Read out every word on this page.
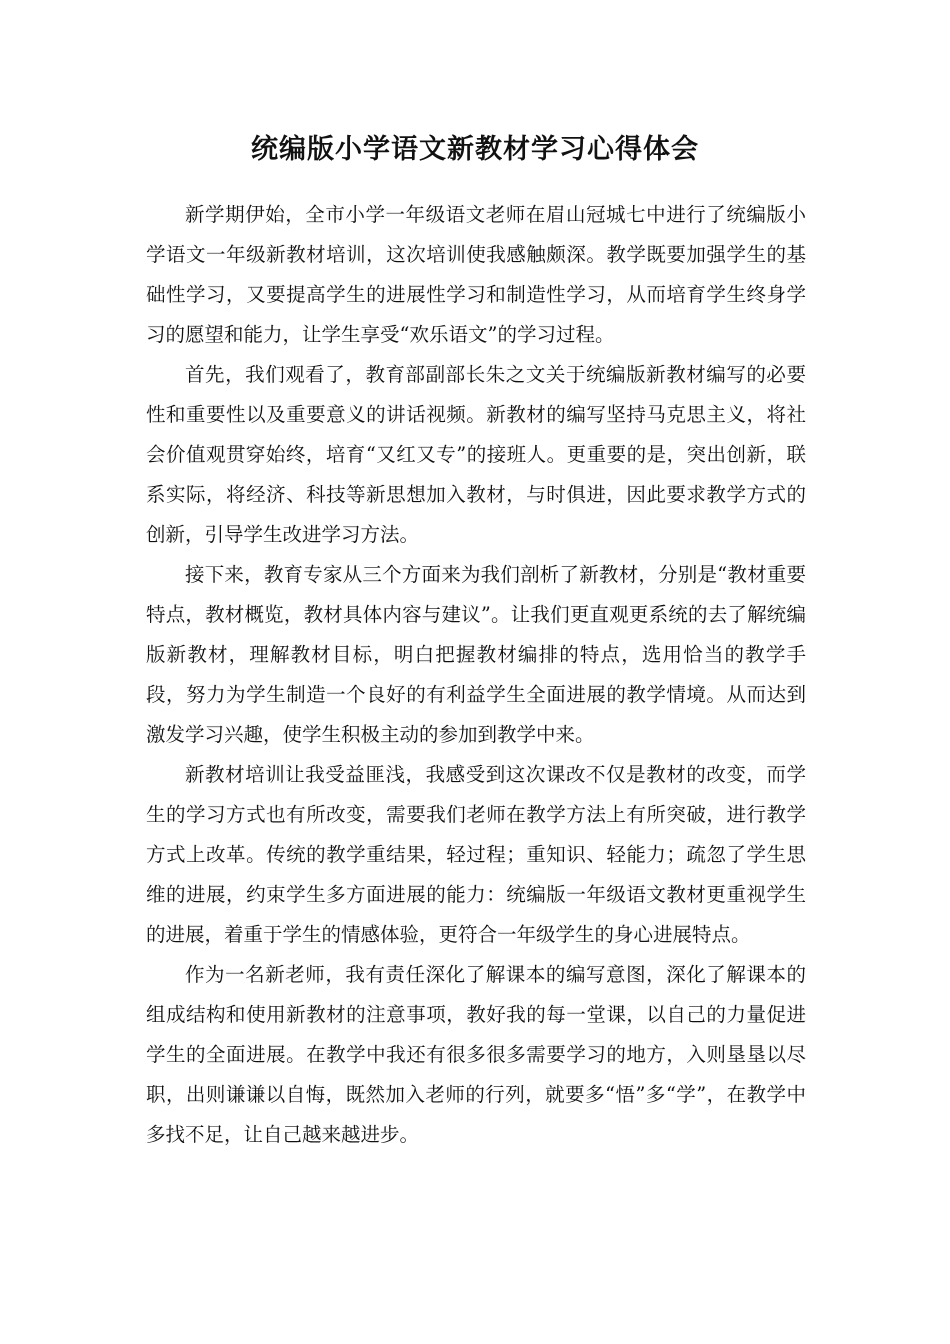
统编版小学语文新教材学习心得体会

新学期伊始，全市小学一年级语文老师在眉山冠城七中进行了统编版小学语文一年级新教材培训，这次培训使我感触颇深。教学既要加强学生的基础性学习，又要提高学生的进展性学习和制造性学习，从而培育学生终身学习的愿望和能力，让学生享受“欢乐语文”的学习过程。

首先，我们观看了，教育部副部长朱之文关于统编版新教材编写的必要性和重要性以及重要意义的讲话视频。新教材的编写坚持马克思主义，将社会价值观贯穿始终，培育“又红又专”的接班人。更重要的是，突出创新，联系实际，将经济、科技等新思想加入教材，与时俱进，因此要求教学方式的创新，引导学生改进学习方法。

接下来，教育专家从三个方面来为我们剖析了新教材，分别是“教材重要特点，教材概览，教材具体内容与建议”。让我们更直观更系统的去了解统编版新教材，理解教材目标，明白把握教材编排的特点，选用恰当的教学手段，努力为学生制造一个良好的有利益学生全面进展的教学情境。从而达到激发学习兴趣，使学生积极主动的参加到教学中来。

新教材培训让我受益匪浅，我感受到这次课改不仅是教材的改变，而学生的学习方式也有所改变，需要我们老师在教学方法上有所突破，进行教学方式上改革。传统的教学重结果，轻过程；重知识、轻能力；疏忽了学生思维的进展，约束学生多方面进展的能力：统编版一年级语文教材更重视学生的进展，着重于学生的情感体验，更符合一年级学生的身心进展特点。

作为一名新老师，我有责任深化了解课本的编写意图，深化了解课本的组成结构和使用新教材的注意事项，教好我的每一堂课，以自己的力量促进学生的全面进展。在教学中我还有很多很多需要学习的地方，入则垦垦以尽职，出则谦谦以自悔，既然加入老师的行列，就要多“悟”多“学”，在教学中多找不足，让自己越来越进步。
